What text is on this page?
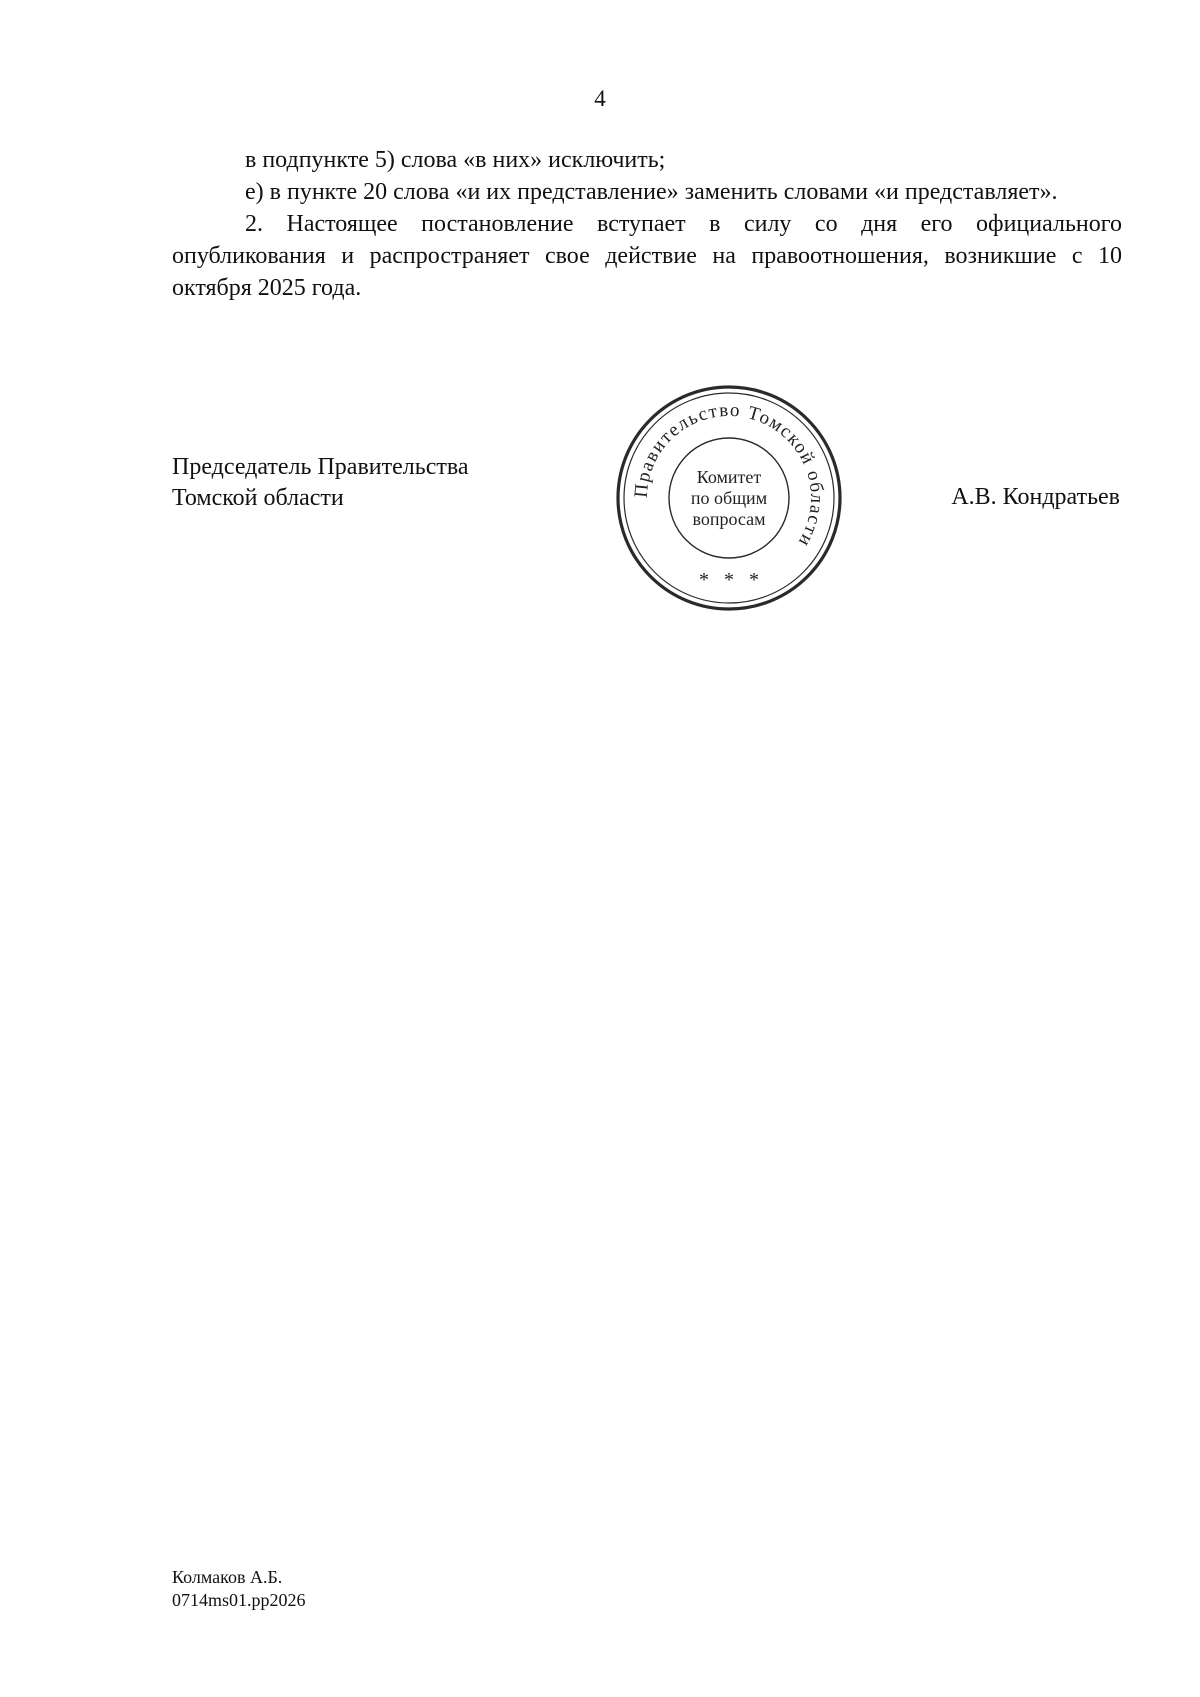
4

в подпункте 5) слова «в них» исключить;

е) в пункте 20 слова «и их представление» заменить словами «и представляет».

2. Настоящее постановление вступает в силу со дня его официального опубликования и распространяет свое действие на правоотношения, возникшие с 10 октября 2025 года.

Председатель Правительства
Томской области	А.В. Кондратьев
Правительство Томской области
Комитет
по общим
вопросам
*   *   *
Колмаков А.Б.
0714ms01.pp2026
